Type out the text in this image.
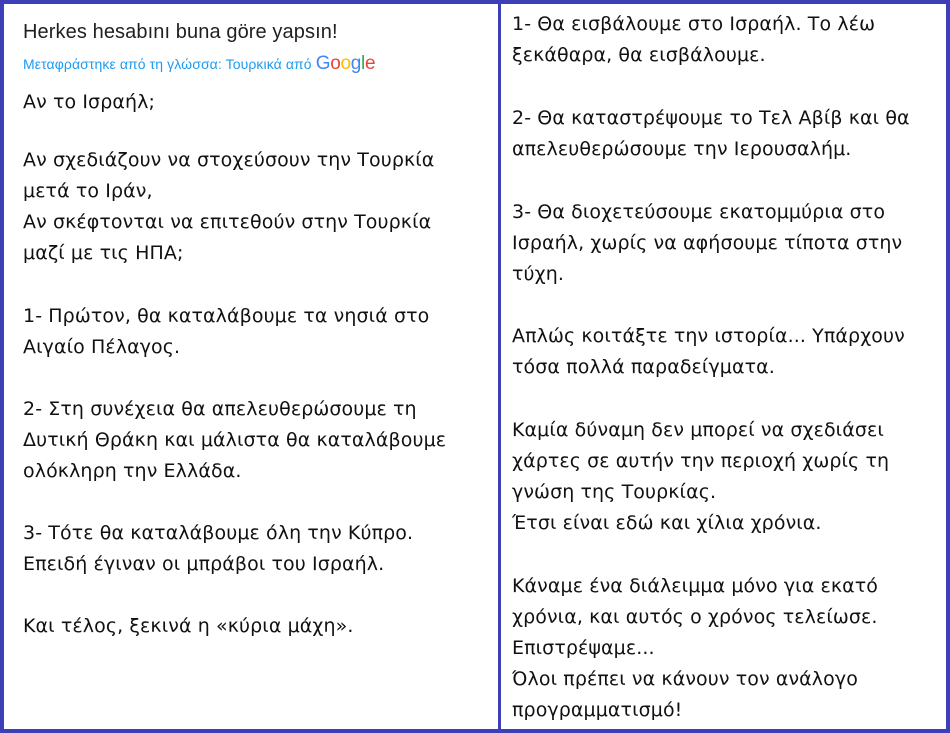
Herkes hesabını buna göre yapsın!

Μεταφράστηκε από τη γλώσσα: Τουρκικά από Google

Αν το Ισραήλ;

Αν σχεδιάζουν να στοχεύσουν την Τουρκία
μετά το Ιράν,
Αν σκέφτονται να επιτεθούν στην Τουρκία
μαζί με τις ΗΠΑ;

1- Πρώτον, θα καταλάβουμε τα νησιά στο
Αιγαίο Πέλαγος.

2- Στη συνέχεια θα απελευθερώσουμε τη
Δυτική Θράκη και μάλιστα θα καταλάβουμε
ολόκληρη την Ελλάδα.

3- Τότε θα καταλάβουμε όλη την Κύπρο.
Επειδή έγιναν οι μπράβοι του Ισραήλ.

Και τέλος, ξεκινά η «κύρια μάχη».

1- Θα εισβάλουμε στο Ισραήλ. Το λέω
ξεκάθαρα, θα εισβάλουμε.

2- Θα καταστρέψουμε το Τελ Αβίβ και θα
απελευθερώσουμε την Ιερουσαλήμ.

3- Θα διοχετεύσουμε εκατομμύρια στο
Ισραήλ, χωρίς να αφήσουμε τίποτα στην
τύχη.

Απλώς κοιτάξτε την ιστορία... Υπάρχουν
τόσα πολλά παραδείγματα.

Καμία δύναμη δεν μπορεί να σχεδιάσει
χάρτες σε αυτήν την περιοχή χωρίς τη
γνώση της Τουρκίας.
Έτσι είναι εδώ και χίλια χρόνια.

Κάναμε ένα διάλειμμα μόνο για εκατό
χρόνια, και αυτός ο χρόνος τελείωσε.
Επιστρέψαμε...
Όλοι πρέπει να κάνουν τον ανάλογο
προγραμματισμό!
